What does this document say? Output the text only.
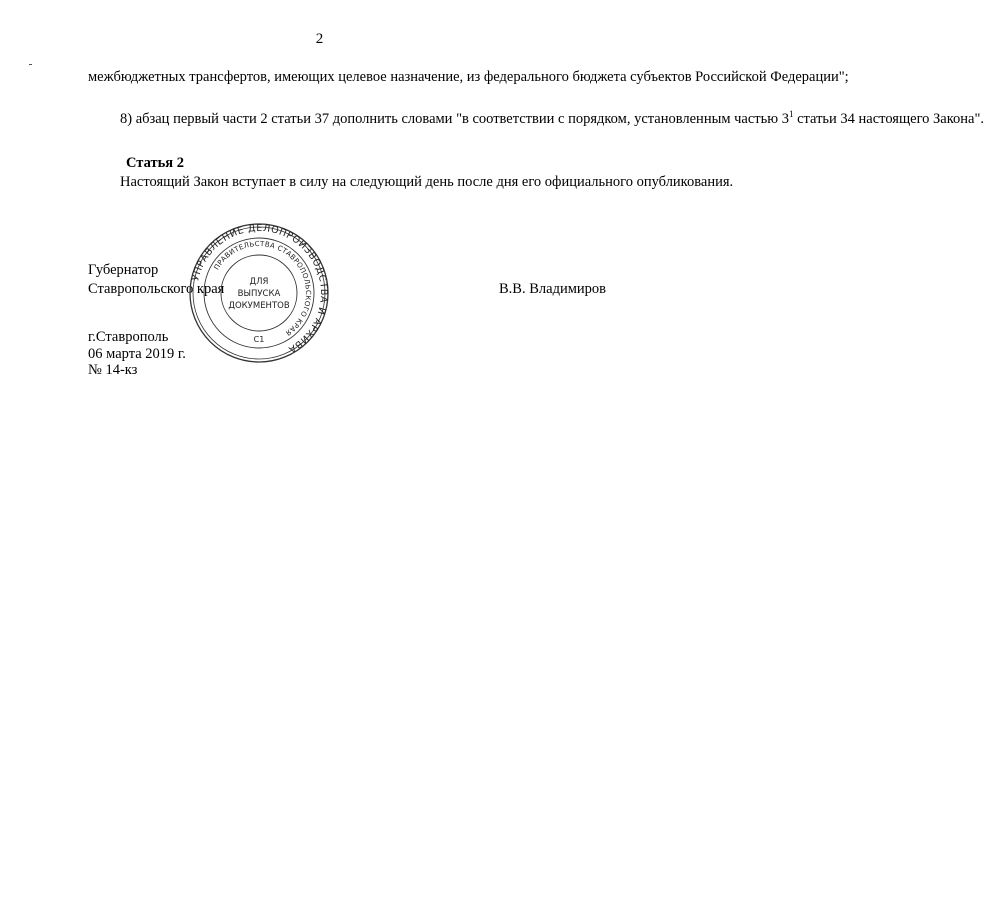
2
межбюджетных трансфертов, имеющих целевое назначение, из федерального бюджета субъектов Российской Федерации";
8) абзац первый части 2 статьи 37 дополнить словами "в соответствии с порядком, установленным частью $3^1$ статьи 34 настоящего Закона".
Статья 2
Настоящий Закон вступает в силу на следующий день после дня его официального опубликования.
Губернатор
Ставропольского края	В.В. Владимиров
г.Ставрополь
06 марта 2019 г.
№ 14-кз
УПРАВЛЕНИЕ ДЕЛОПРОИЗВОДСТВА И АРХИВА
ПРАВИТЕЛЬСТВА СТАВРОПОЛЬСКОГО КРАЯ
ДЛЯ
ВЫПУСКА
ДОКУМЕНТОВ
С1
